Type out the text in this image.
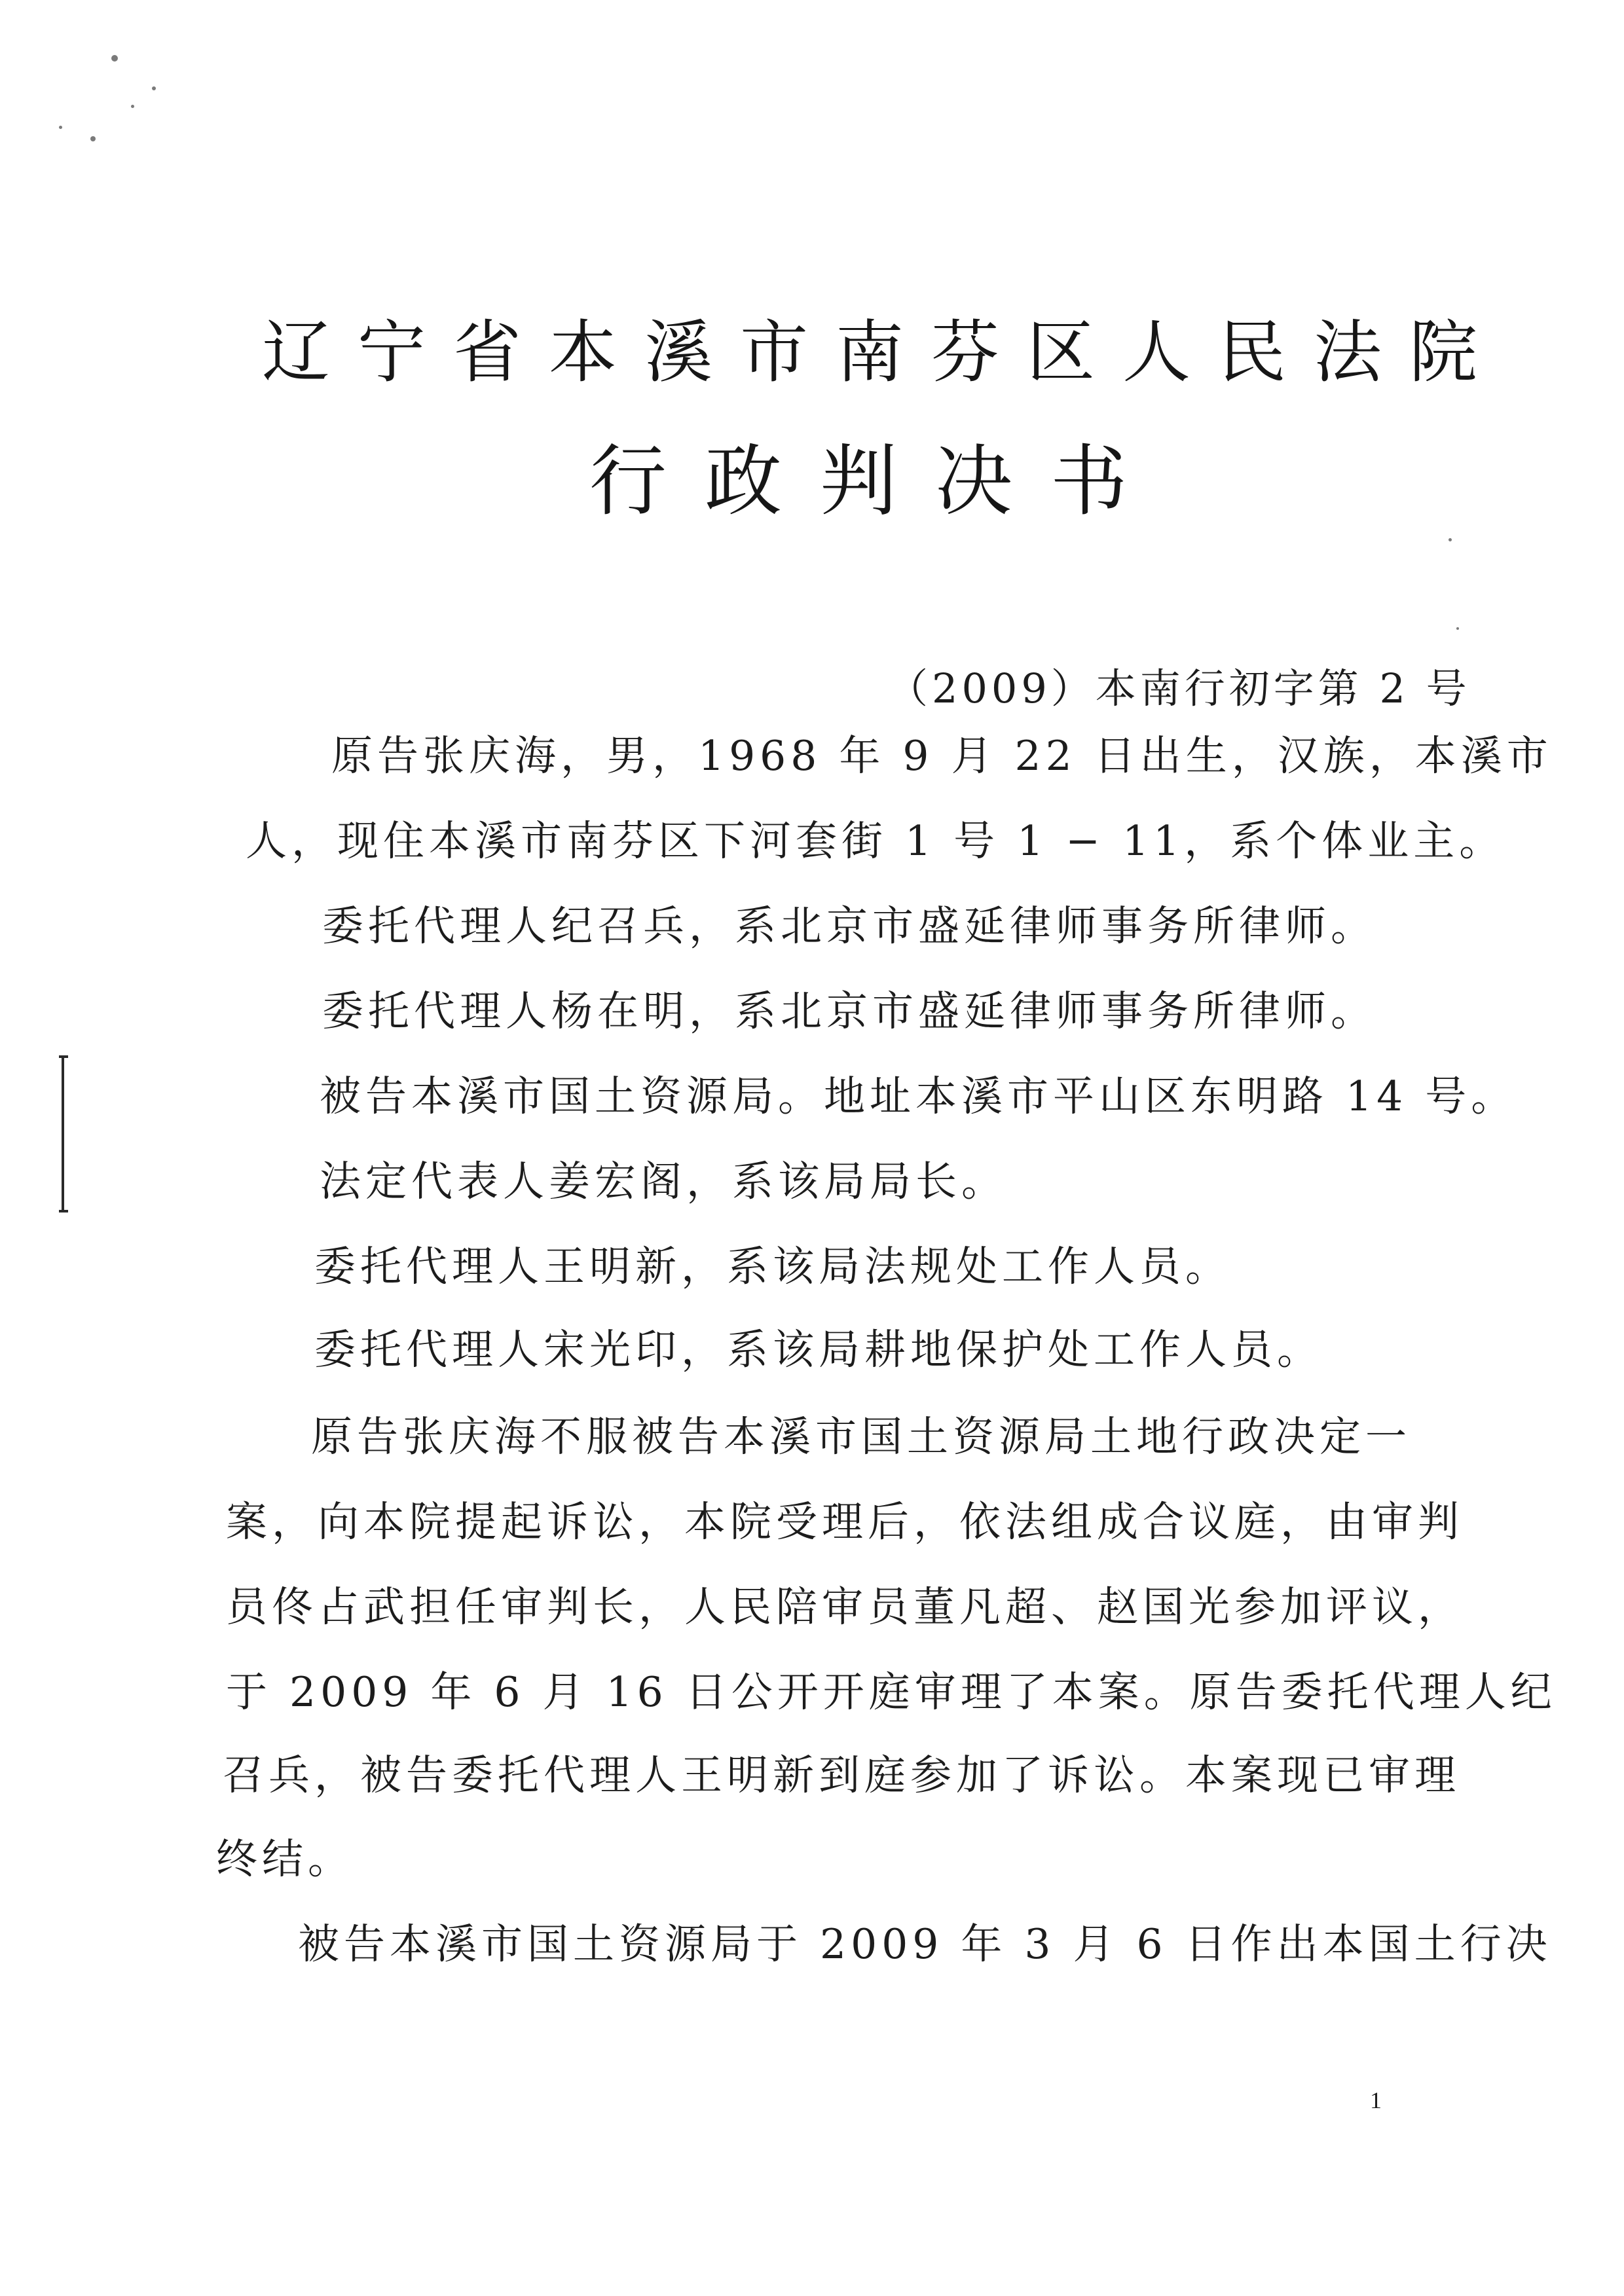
辽宁省本溪市南芬区人民法院
行政判决书
（2009）本南行初字第 2 号
原告张庆海，男，1968 年 9 月 22 日出生，汉族，本溪市
人，现住本溪市南芬区下河套街 1 号 1 − 11，系个体业主。
委托代理人纪召兵，系北京市盛延律师事务所律师。
委托代理人杨在明，系北京市盛延律师事务所律师。
被告本溪市国土资源局。地址本溪市平山区东明路 14 号。
法定代表人姜宏阁，系该局局长。
委托代理人王明新，系该局法规处工作人员。
委托代理人宋光印，系该局耕地保护处工作人员。
原告张庆海不服被告本溪市国土资源局土地行政决定一
案，向本院提起诉讼，本院受理后，依法组成合议庭，由审判
员佟占武担任审判长，人民陪审员董凡超、赵国光参加评议，
于 2009 年 6 月 16 日公开开庭审理了本案。原告委托代理人纪
召兵，被告委托代理人王明新到庭参加了诉讼。本案现已审理
终结。
被告本溪市国土资源局于 2009 年 3 月 6 日作出本国土行决
1
